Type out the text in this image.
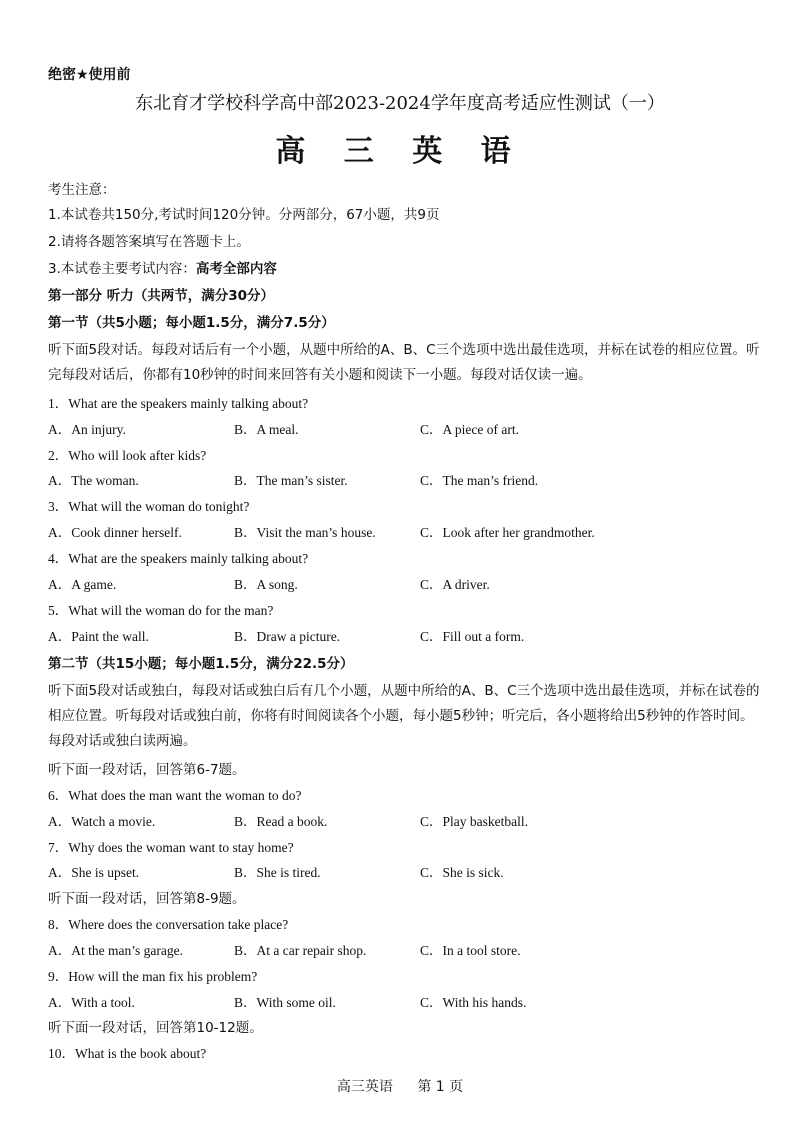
绝密★使用前
东北育才学校科学高中部2023-2024学年度高考适应性测试（一）
高 三 英 语
考生注意：
1.本试卷共150分,考试时间120分钟。分两部分，67小题，共9页
2.请将各题答案填写在答题卡上。
3.本试卷主要考试内容：高考全部内容
第一部分 听力（共两节，满分30分）
第一节（共5小题；每小题1.5分，满分7.5分）
听下面5段对话。每段对话后有一个小题，从题中所给的A、B、C三个选项中选出最佳选项，并标在试卷的相应位置。听完每段对话后，你都有10秒钟的时间来回答有关小题和阅读下一小题。每段对话仅读一遍。
1．What are the speakers mainly talking about?
A．An injury.	B．A meal.	C．A piece of art.
2．Who will look after kids?
A．The woman.	B．The man’s sister.	C．The man’s friend.
3．What will the woman do tonight?
A．Cook dinner herself.	B．Visit the man’s house.	C．Look after her grandmother.
4．What are the speakers mainly talking about?
A．A game.	B．A song.	C．A driver.
5．What will the woman do for the man?
A．Paint the wall.	B．Draw a picture.	C．Fill out a form.
第二节（共15小题；每小题1.5分，满分22.5分）
听下面5段对话或独白，每段对话或独白后有几个小题，从题中所给的A、B、C三个选项中选出最佳选项，并标在试卷的相应位置。听每段对话或独白前，你将有时间阅读各个小题，每小题5秒钟；听完后，各小题将给出5秒钟的作答时间。每段对话或独白读两遍。
听下面一段对话，回答第6-7题。
6．What does the man want the woman to do?
A．Watch a movie.	B．Read a book.	C．Play basketball.
7．Why does the woman want to stay home?
A．She is upset.	B．She is tired.	C．She is sick.
听下面一段对话，回答第8-9题。
8．Where does the conversation take place?
A．At the man’s garage.	B．At a car repair shop.	C．In a tool store.
9．How will the man fix his problem?
A．With a tool.	B．With some oil.	C．With his hands.
听下面一段对话，回答第10-12题。
10．What is the book about?
高三英语 第 1 页
